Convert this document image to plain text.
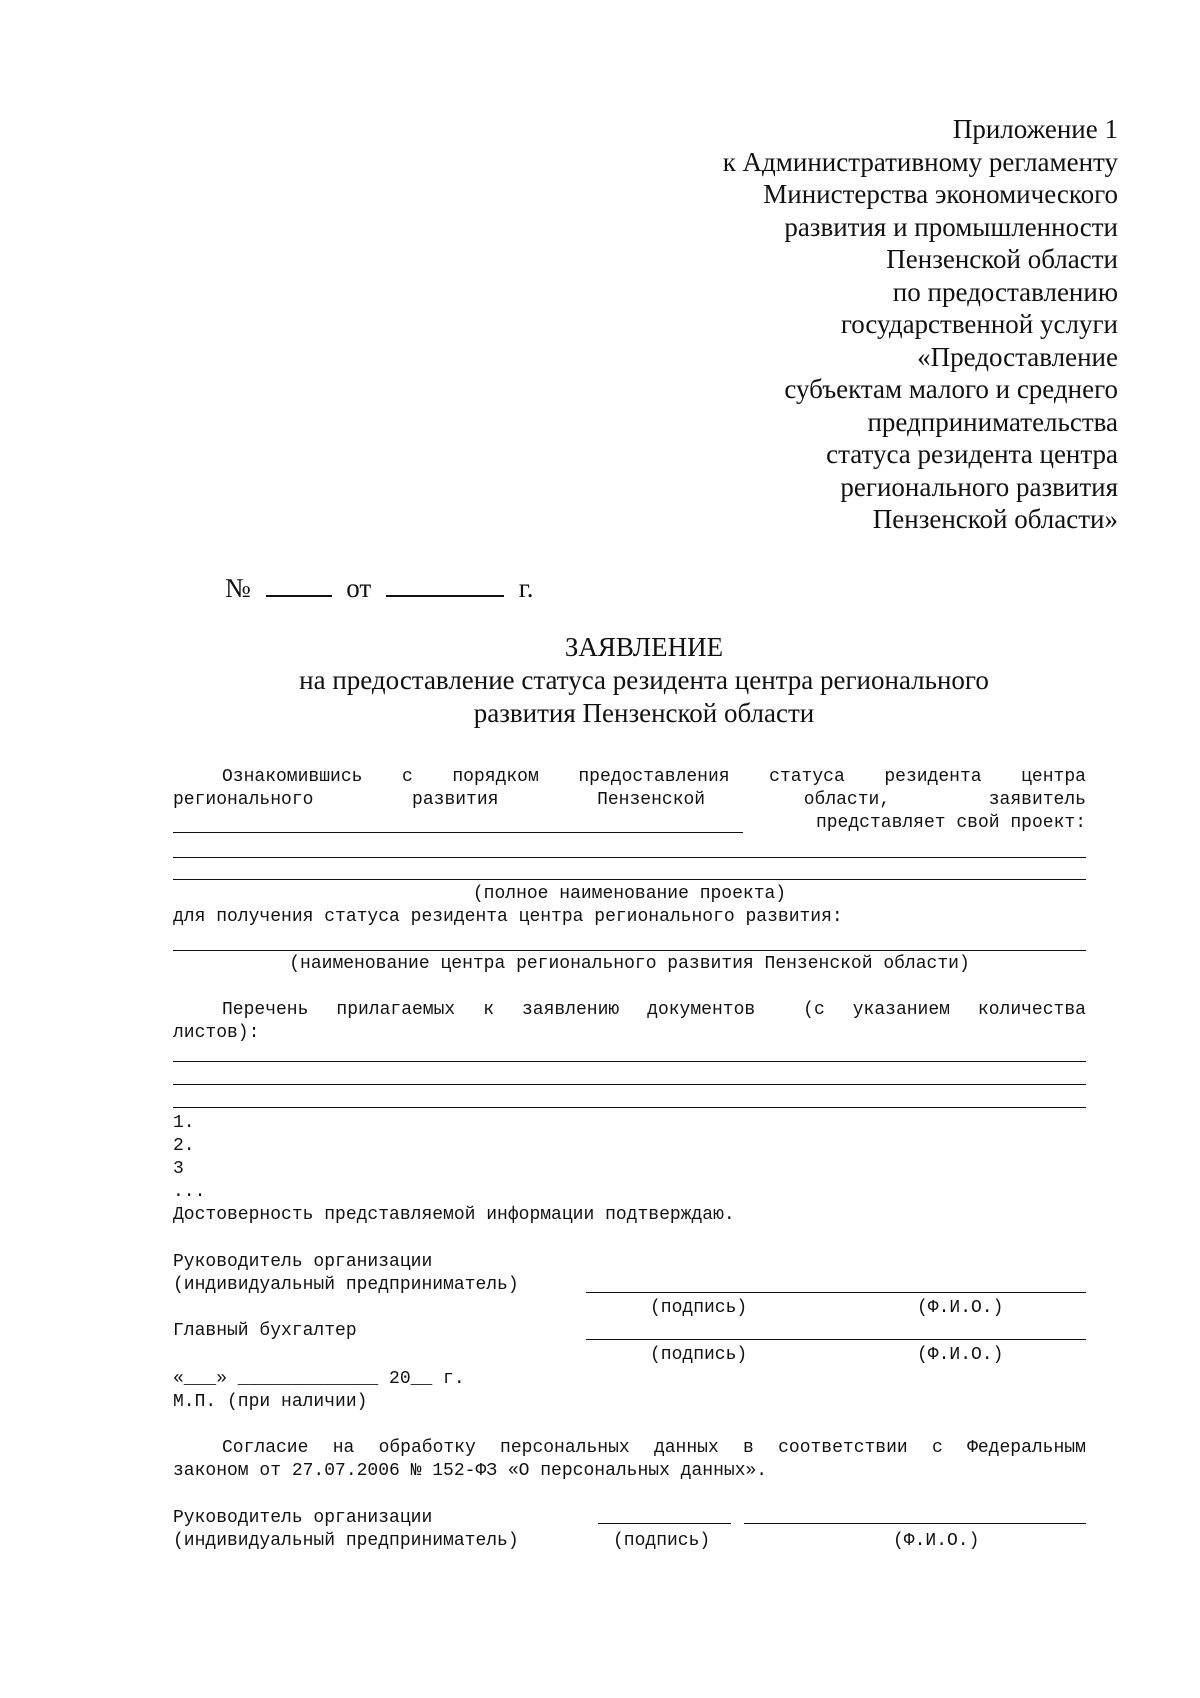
Приложение 1
к Административному регламенту
Министерства экономического
развития и промышленности
Пензенской области
по предоставлению
государственной услуги
«Предоставление
субъектам малого и среднего
предпринимательства
статуса резидента центра
регионального развития
Пензенской области»
№	от	г.
ЗАЯВЛЕНИЕ
на предоставление статуса резидента центра регионального
развития Пензенской области
Ознакомившись с порядком предоставления статуса резидента центра
регионального	развития	Пензенской	области,	заявитель
представляет свой проект:
(полное наименование проекта)
для получения статуса резидента центра регионального развития:
(наименование центра регионального развития Пензенской области)
Перечень прилагаемых к заявлению документов	(с указанием количества
листов):
1.
2.
3
...
Достоверность представляемой информации подтверждаю.
Руководитель организации
(индивидуальный предприниматель)
(подпись)	(Ф.И.О.)
Главный бухгалтер
(подпись)	(Ф.И.О.)
«___» _____________ 20__ г.
М.П. (при наличии)
Согласие на обработку персональных данных в соответствии с Федеральным
законом от 27.07.2006 № 152-ФЗ «О персональных данных».
Руководитель организации
(индивидуальный предприниматель)	(подпись)	(Ф.И.О.)
